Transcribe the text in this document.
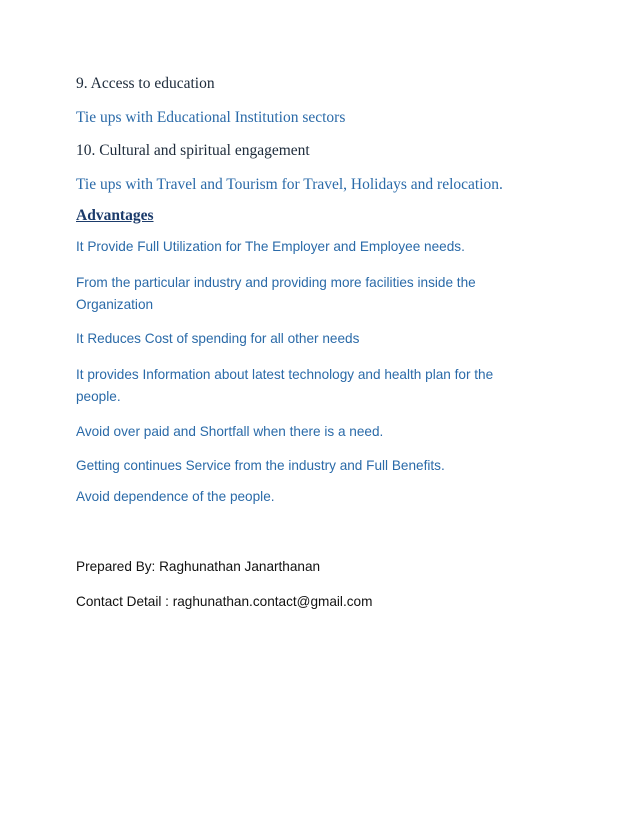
9. Access to education
Tie ups with Educational Institution sectors
10. Cultural and spiritual engagement
Tie ups with Travel and Tourism for Travel, Holidays and relocation.
Advantages
It Provide Full Utilization for The Employer and Employee needs.
From the particular industry and providing more facilities inside the
Organization
It Reduces Cost of spending for all other needs
It provides Information about latest technology and health plan for the
people.
Avoid over paid and Shortfall when there is a need.
Getting continues Service from the industry and Full Benefits.
Avoid dependence of the people.
Prepared By: Raghunathan Janarthanan
Contact Detail : raghunathan.contact@gmail.com
